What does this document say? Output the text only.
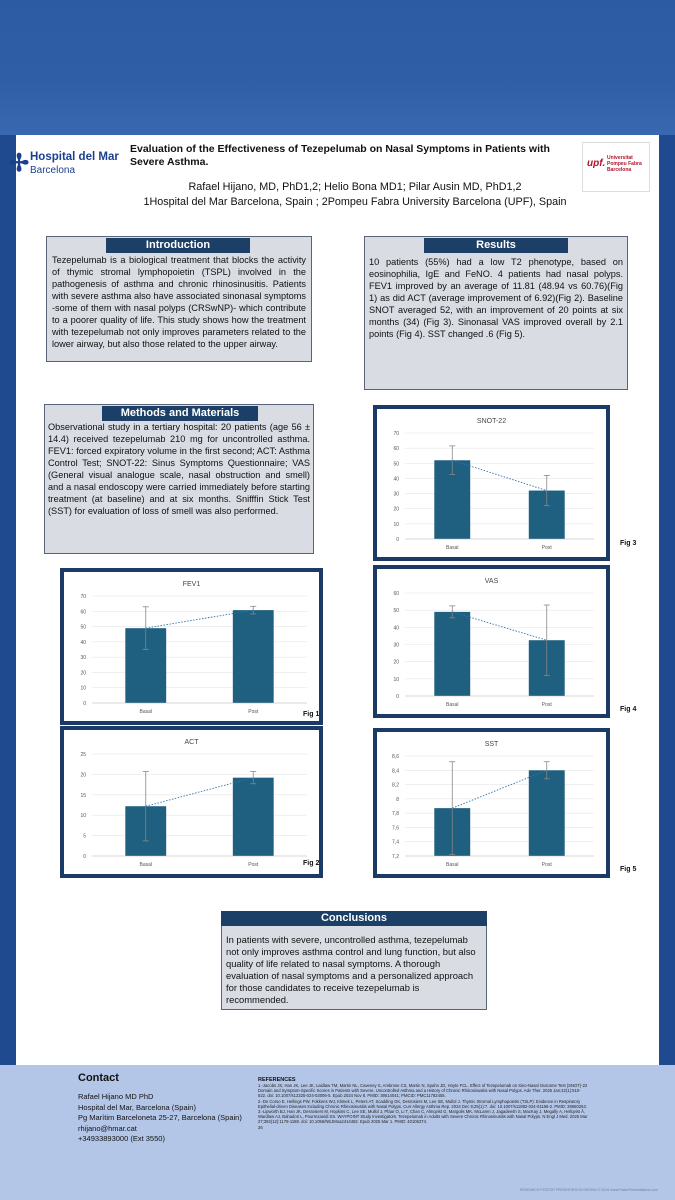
✢ Hospital del Mar
Barcelona
Evaluation of the Effectiveness of Tezepelumab on Nasal Symptoms in Patients with Severe Asthma.
Rafael Hijano, MD, PhD1,2; Helio Bona MD1; Pilar Ausin MD, PhD1,2
1Hospital del Mar Barcelona, Spain ; 2Pompeu Fabra University Barcelona (UPF), Spain
upf. Universitat
Pompeu Fabra
Barcelona
Introduction
Tezepelumab is a biological treatment that blocks the activity of thymic stromal lymphopoietin (TSPL) involved in the pathogenesis of asthma and chronic rhinosinusitis. Patients with severe asthma also have associated sinonasal symptoms -some of them with nasal polyps (CRSwNP)- which contribute to a poorer quality of life. This study shows how the treatment with tezepelumab not only improves parameters related to the lower airway, but also those related to the upper airway.
Results
10 patients (55%) had a low T2 phenotype, based on eosinophilia, IgE and FeNO. 4 patients had nasal polyps. FEV1 improved by an average of 11.81 (48.94 vs 60.76)(Fig 1) as did ACT (average improvement of 6.92)(Fig 2). Baseline SNOT averaged 52, with an improvement of 20 points at six months (34) (Fig 3). Sinonasal VAS improved overall by 2.1 points (Fig 4). SST changed .6 (Fig 5).
Methods and Materials
Observational study in a tertiary hospital: 20 patients (age 56 ± 14.4) received tezepelumab 210 mg for uncontrolled asthma. FEV1: forced expiratory volume in the first second; ACT: Asthma Control Test; SNOT-22: Sinus Symptoms Questionnaire; VAS (General visual analogue scale, nasal obstruction and smell) and a nasal endoscopy were carried immediately before starting treatment (at baseline) and at six months. Snifffin Stick Test (SST) for evaluation of loss of smell was also performed.
FEV1
0
10
20
30
40
50
60
70
Basal	Post
ACT
0
5
10
15
20
25
Basal	Post
SNOT-22
0
10
20
30
40
50
60
70
Basal	Post
VAS
0
10
20
30
40
50
60
Basal	Post
SST
7,2
7,4
7,6
7,8
8
8,2
8,4
8,6
Basal	Post
Fig 1
Fig 2
Fig 3
Fig 4
Fig 5
Conclusions
In patients with severe, uncontrolled asthma, tezepelumab not only improves asthma control and lung function, but also quality of life related to nasal symptoms. A thorough evaluation of nasal symptoms and a personalized approach for those candidates to receive tezepelumab is recommended.
Contact
Rafael Hijano MD PhD
Hospital del Mar, Barcelona (Spain)
Pg Marítim Barceloneta 25-27, Barcelona (Spain)
rhijano@hmar.cat
+34933893000 (Ext 3550)
REFERENCES
1.-Jacobs JS, Han JK, Lee JK, Laidlaw TM, Martin NL, Caveney S, Ambrose CS, Martin N, Spahn JD, Hoyte FCL. Effect of Tezepelumab on Sino-Nasal Outcome Test (SNOT)-22 Domain and Symptom-Specific Scores in Patients with Severe, Uncontrolled Asthma and a History of Chronic Rhinosinusitis with Nasal Polyps. Adv Ther. 2025 Jan;42(1):510-522. doi: 10.1007/s12325-024-03006-5. Epub 2024 Nov 8. PMID: 39514041; PMCID: PMC11782455.
2.-De Corso E, Hellings PW, Fokkens WJ, Klimek L, Peters AT, Scadding GK, Desrosiers M, Lee SE, Mullol J. Thymic Stromal Lymphopoietin (TSLP): Evidence in Respiratory Epithelial-driven Diseases Including Chronic Rhinosinusitis with Nasal Polyps. Curr Allergy Asthma Rep. 2024 Dec 9;25(1):7. doi: 10.1007/s11882-024-01186-2. PMID: 39680253.
3.-Lipworth BJ, Han JK, Desrosiers M, Hopkins C, Lee SE, Mullol J, Pfaar O, Li T, Chan C, Almqvist G, Margolis MK, McLaren J, Jagadeesh S, MacKay J, Megally A, Hellqvist Å, Wardlaw AJ, Bahadori L, Pourrezaeidi SS. WAYPOINT Study Investigators. Tezepelumab in Adults with Severe Chronic Rhinosinusitis with Nasal Polyps. N Engl J Med. 2025 Mar 27;392(12):1178-1188. doi: 10.1056/NEJMoa2414482. Epub 2025 Mar 1. PMID: 40106374.
26
RESEARCH POSTER PRESENTATION DESIGN © 2019 www.PosterPresentations.com
